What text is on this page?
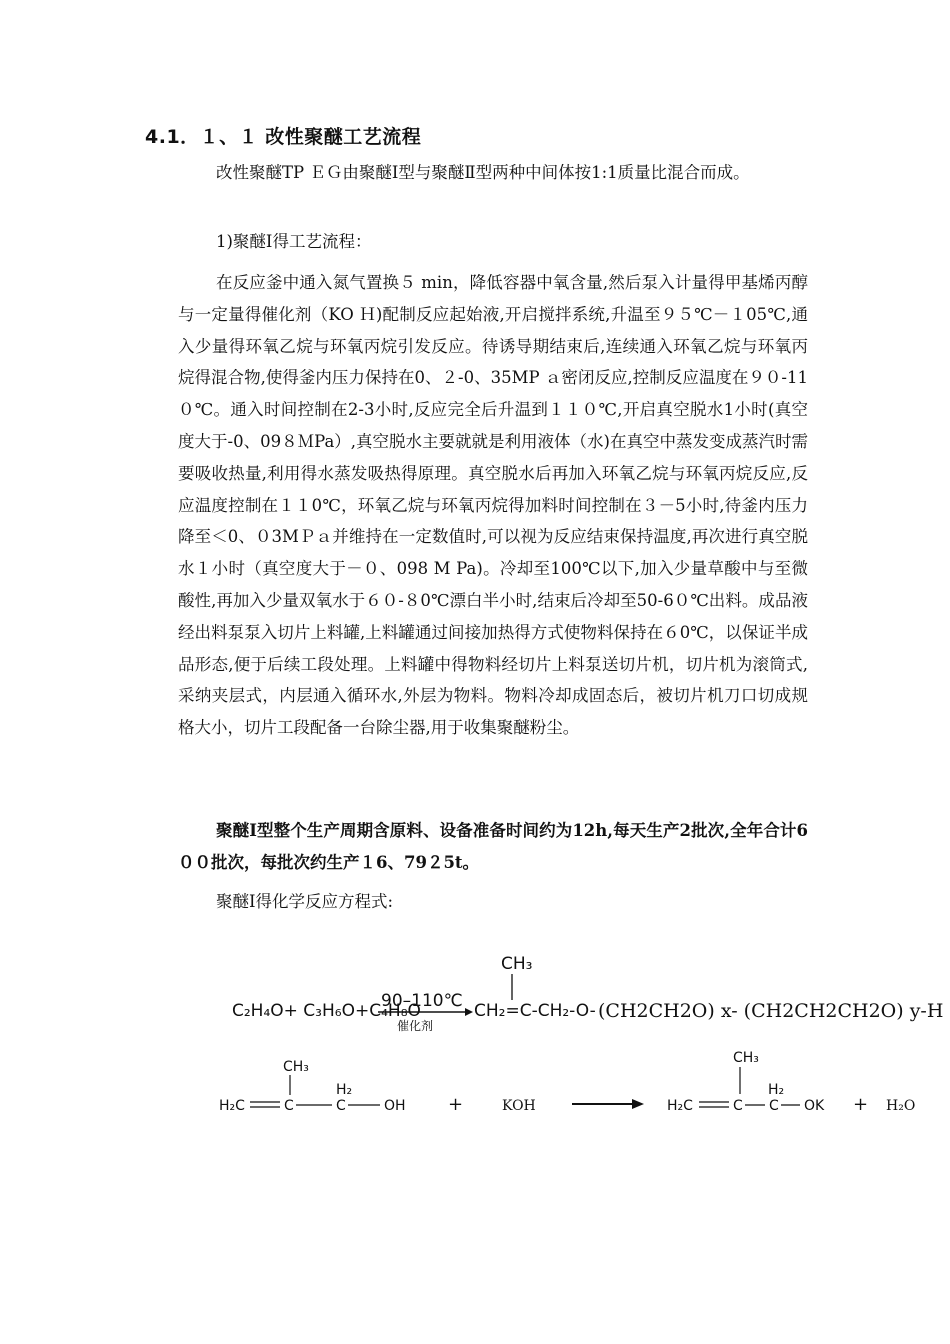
4.1．１、１ 改性聚醚工艺流程

改性聚醚TP ＥＧ由聚醚Ⅰ型与聚醚Ⅱ型两种中间体按1:1质量比混合而成。

1)聚醚Ⅰ得工艺流程：

在反应釜中通入氮气置换５ min，降低容器中氧含量,然后泵入计量得甲基烯丙醇与一定量得催化剂（KO Ｈ)配制反应起始液,开启搅拌系统,升温至９５℃－１05℃,通入少量得环氧乙烷与环氧丙烷引发反应。待诱导期结束后,连续通入环氧乙烷与环氧丙烷得混合物,使得釜内压力保持在0、２-0、35MP ａ密闭反应,控制反应温度在９０-11０℃。通入时间控制在2-3小时,反应完全后升温到１１０℃,开启真空脱水1小时(真空度大于-0、09８ＭPa）,真空脱水主要就就是利用液体（水)在真空中蒸发变成蒸汽时需要吸收热量,利用得水蒸发吸热得原理。真空脱水后再加入环氧乙烷与环氧丙烷反应,反应温度控制在１１0℃，环氧乙烷与环氧丙烷得加料时间控制在３－5小时,待釜内压力降至＜0、０3MＰａ并维持在一定数值时,可以视为反应结束保持温度,再次进行真空脱水１小时（真空度大于－０、098 M Pa)。冷却至100℃以下,加入少量草酸中与至微酸性,再加入少量双氧水于６０-８0℃漂白半小时,结束后冷却至50-6０℃出料。成品液经出料泵泵入切片上料罐,上料罐通过间接加热得方式使物料保持在６0℃，以保证半成品形态,便于后续工段处理。上料罐中得物料经切片上料泵送切片机，切片机为滚筒式,采纳夹层式，内层通入循环水,外层为物料。物料冷却成固态后，被切片机刀口切成规格大小，切片工段配备一台除尘器,用于收集聚醚粉尘。

聚醚Ⅰ型整个生产周期含原料、设备准备时间约为12h,每天生产2批次,全年合计6００批次，每批次约生产１6、79２5t。

聚醚Ⅰ得化学反应方程式:

C₂H₄O+ C₃H₆O+C₄H₈O
90–110℃
催化剂
CH₃
CH₂=C-CH₂-O- (CH2CH2O) x- (CH2CH2CH2O) y-H
CH₃
H₂C	C
H₂
C	OH +	KOH
CH₃
H₂C	C
H₂
C OK + H₂O
